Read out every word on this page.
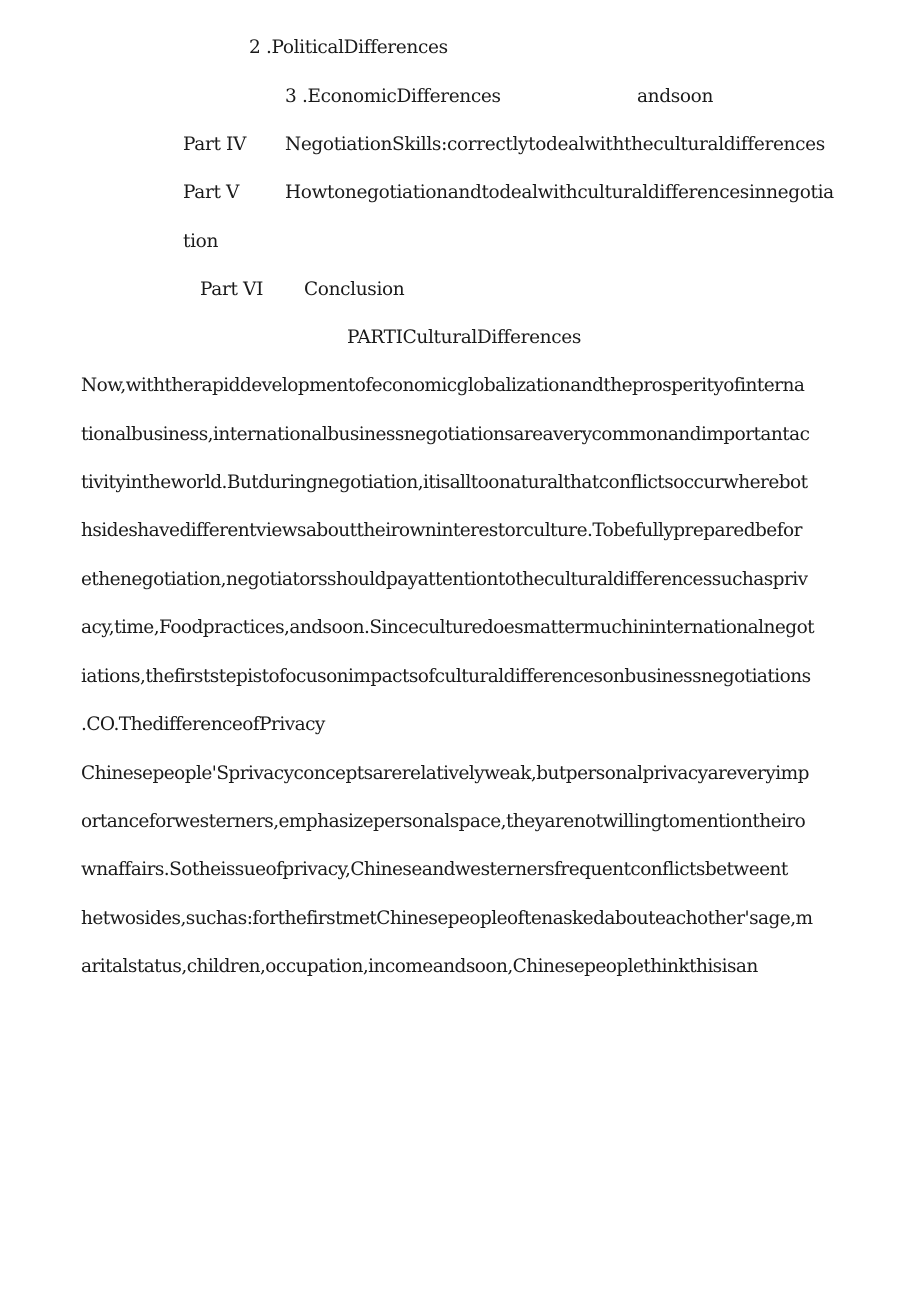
2 .PoliticalDifferences
3 .EconomicDifferences	andsoon
Part IV NegotiationSkills:correctlytodealwiththeculturaldifferences
Part V Howtonegotiationandtodealwithculturaldifferencesinnegotia
tion
Part VI Conclusion
PARTICulturalDifferences
Now,withtherapiddevelopmentofeconomicglobalizationandtheprosperityofinterna
tionalbusiness,internationalbusinessnegotiationsareaverycommonandimportantac
tivityintheworld.Butduringnegotiation,itisalltoonaturalthatconflictsoccurwherebot
hsideshavedifferentviewsabouttheirowninterestorculture.Tobefullypreparedbefor
ethenegotiation,negotiatorsshouldpayattentiontotheculturaldifferencessuchaspriv
acy,time,Foodpractices,andsoon.Sinceculturedoesmattermuchininternationalnegot
iations,thefirststepistofocusonimpactsofculturaldifferencesonbusinessnegotiations
.CO.ThedifferenceofPrivacy
Chinesepeople'Sprivacyconceptsarerelativelyweak,butpersonalprivacyareveryimp
ortanceforwesterners,emphasizepersonalspace,theyarenotwillingtomentiontheiro
wnaffairs.Sotheissueofprivacy,Chineseandwesternersfrequentconflictsbetweent
hetwosides,suchas:forthefirstmetChinesepeopleoftenaskedabouteachother'sage,m
aritalstatus,children,occupation,incomeandsoon,Chinesepeoplethinkthisisan
